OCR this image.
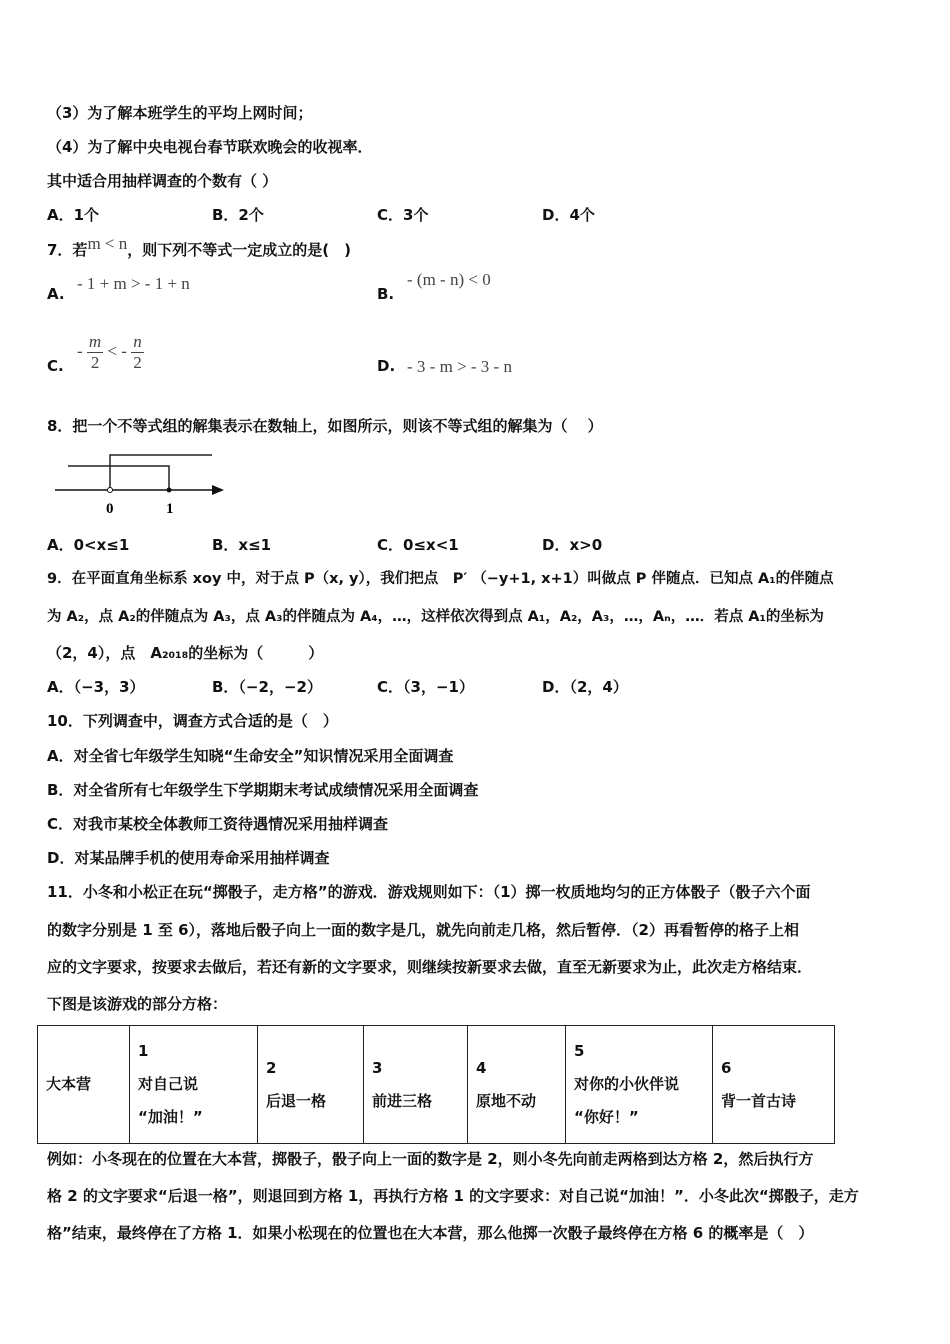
（3）为了解本班学生的平均上网时间；
（4）为了解中央电视台春节联欢晚会的收视率．
其中适合用抽样调查的个数有（ ）
A．1个	B．2个	C．3个	D．4个
7．若m < n，则下列不等式一定成立的是(　)
A.
- 1 + m > - 1 + n
B.
- (m - n) < 0
C.
- $\frac{m}{2}$ < - $\frac{n}{2}$	D. - 3 - m > - 3 - n
8．把一个不等式组的解集表示在数轴上，如图所示，则该不等式组的解集为（　 ）
0	1
A．0<x≤1	B．x≤1	C．0≤x<1	D．x>0
9．在平面直角坐标系 xoy 中，对于点 P（x, y），我们把点　P′ （−y+1, x+1）叫做点 P 伴随点．已知点 A₁的伴随点
为 A₂，点 A₂的伴随点为 A₃，点 A₃的伴随点为 A₄，…，这样依次得到点 A₁，A₂，A₃，…，Aₙ，…．若点 A₁的坐标为
（2，4），点　A₂₀₁₈的坐标为（　　　）
A．（−3，3）	B．（−2，−2）	C．（3，−1）	D．（2，4）
10．下列调查中，调查方式合适的是（　）
A．对全省七年级学生知晓“生命安全”知识情况采用全面调查
B．对全省所有七年级学生下学期期末考试成绩情况采用全面调查
C．对我市某校全体教师工资待遇情况采用抽样调查
D．对某品牌手机的使用寿命采用抽样调查
11．小冬和小松正在玩“掷骰子，走方格”的游戏．游戏规则如下：（1）掷一枚质地均匀的正方体骰子（骰子六个面
的数字分别是 1 至 6），落地后骰子向上一面的数字是几，就先向前走几格，然后暂停．（2）再看暂停的格子上相
应的文字要求，按要求去做后，若还有新的文字要求，则继续按新要求去做，直至无新要求为止，此次走方格结束．
下图是该游戏的部分方格：
大本营

1
对自己说
“加油！”

2
后退一格

3
前进三格

4
原地不动

5
对你的小伙伴说
“你好！”

6
背一首古诗
例如：小冬现在的位置在大本营，掷骰子，骰子向上一面的数字是 2，则小冬先向前走两格到达方格 2，然后执行方
格 2 的文字要求“后退一格”，则退回到方格 1，再执行方格 1 的文字要求：对自己说“加油！”．小冬此次“掷骰子，走方
格”结束，最终停在了方格 1．如果小松现在的位置也在大本营，那么他掷一次骰子最终停在方格 6 的概率是（　）
